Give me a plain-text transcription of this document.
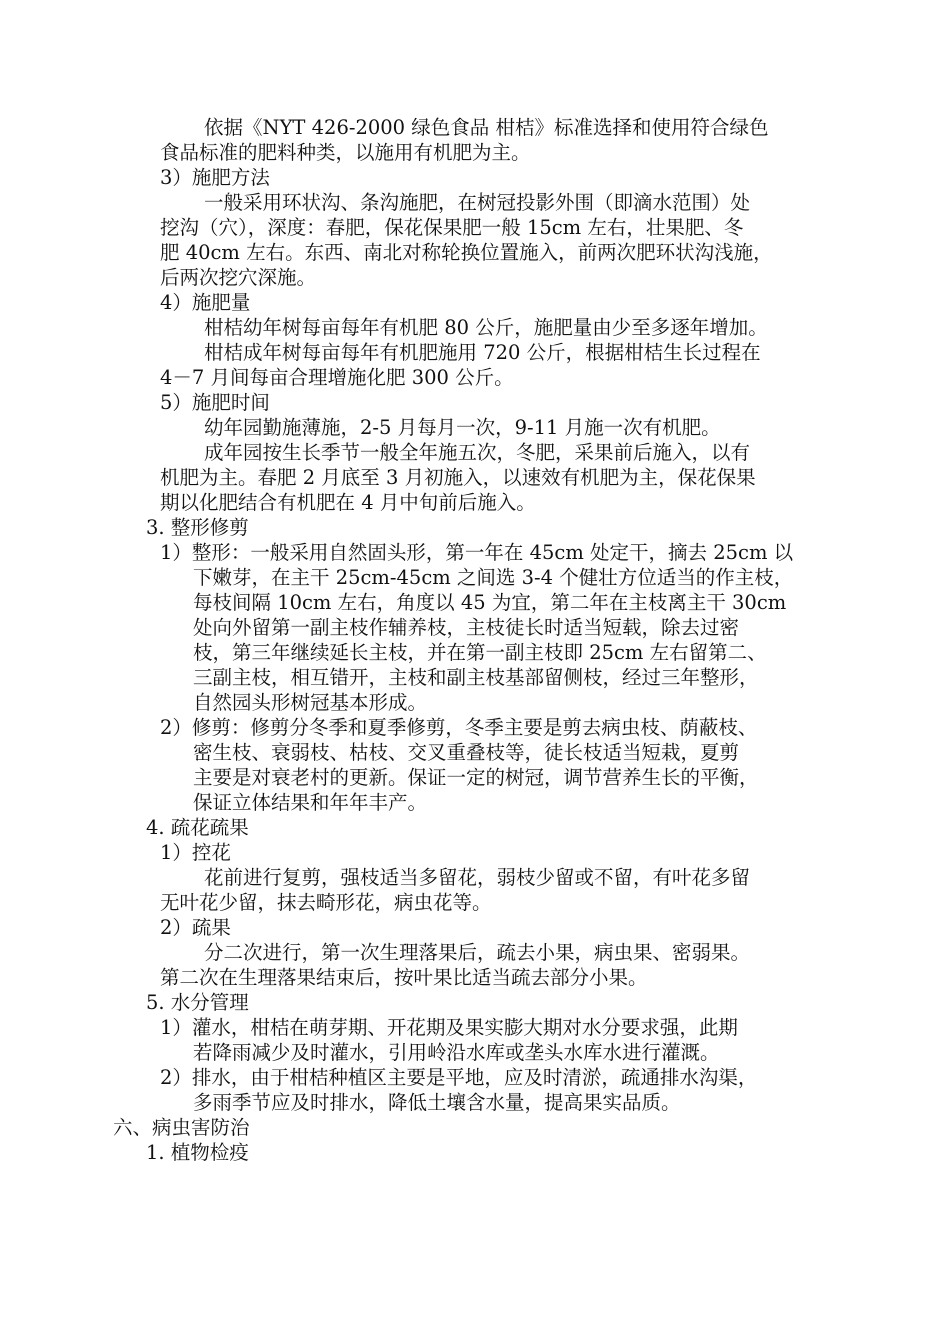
依据《NYT 426-2000 绿色食品 柑桔》标准选择和使用符合绿色
食品标准的肥料种类，以施用有机肥为主。
3）施肥方法
一般采用环状沟、条沟施肥，在树冠投影外围（即滴水范围）处
挖沟（穴），深度：春肥，保花保果肥一般 15cm 左右，壮果肥、冬
肥 40cm 左右。东西、南北对称轮换位置施入，前两次肥环状沟浅施，
后两次挖穴深施。
4）施肥量
柑桔幼年树每亩每年有机肥 80 公斤，施肥量由少至多逐年增加。
柑桔成年树每亩每年有机肥施用 720 公斤，根据柑桔生长过程在
4－7 月间每亩合理增施化肥 300 公斤。
5）施肥时间
幼年园勤施薄施，2-5 月每月一次，9-11 月施一次有机肥。
成年园按生长季节一般全年施五次，冬肥，采果前后施入，以有
机肥为主。春肥 2 月底至 3 月初施入，以速效有机肥为主，保花保果
期以化肥结合有机肥在 4 月中旬前后施入。
3. 整形修剪
1）整形：一般采用自然固头形，第一年在 45cm 处定干，摘去 25cm 以
下嫩芽，在主干 25cm-45cm 之间选 3-4 个健壮方位适当的作主枝，
每枝间隔 10cm 左右，角度以 45 为宜，第二年在主枝离主干 30cm
处向外留第一副主枝作辅养枝，主枝徒长时适当短载，除去过密
枝，第三年继续延长主枝，并在第一副主枝即 25cm 左右留第二、
三副主枝，相互错开，主枝和副主枝基部留侧枝，经过三年整形，
自然园头形树冠基本形成。
2）修剪：修剪分冬季和夏季修剪，冬季主要是剪去病虫枝、荫蔽枝、
密生枝、衰弱枝、枯枝、交叉重叠枝等，徒长枝适当短栽，夏剪
主要是对衰老村的更新。保证一定的树冠，调节营养生长的平衡，
保证立体结果和年年丰产。
4. 疏花疏果
1）控花
花前进行复剪，强枝适当多留花，弱枝少留或不留，有叶花多留
无叶花少留，抹去畸形花，病虫花等。
2）疏果
分二次进行，第一次生理落果后，疏去小果，病虫果、密弱果。
第二次在生理落果结束后，按叶果比适当疏去部分小果。
5. 水分管理
1）灌水，柑桔在萌芽期、开花期及果实膨大期对水分要求强，此期
若降雨减少及时灌水，引用岭沿水库或垄头水库水进行灌溉。
2）排水，由于柑桔种植区主要是平地，应及时清淤，疏通排水沟渠，
多雨季节应及时排水，降低土壤含水量，提高果实品质。
六、病虫害防治
1. 植物检疫
